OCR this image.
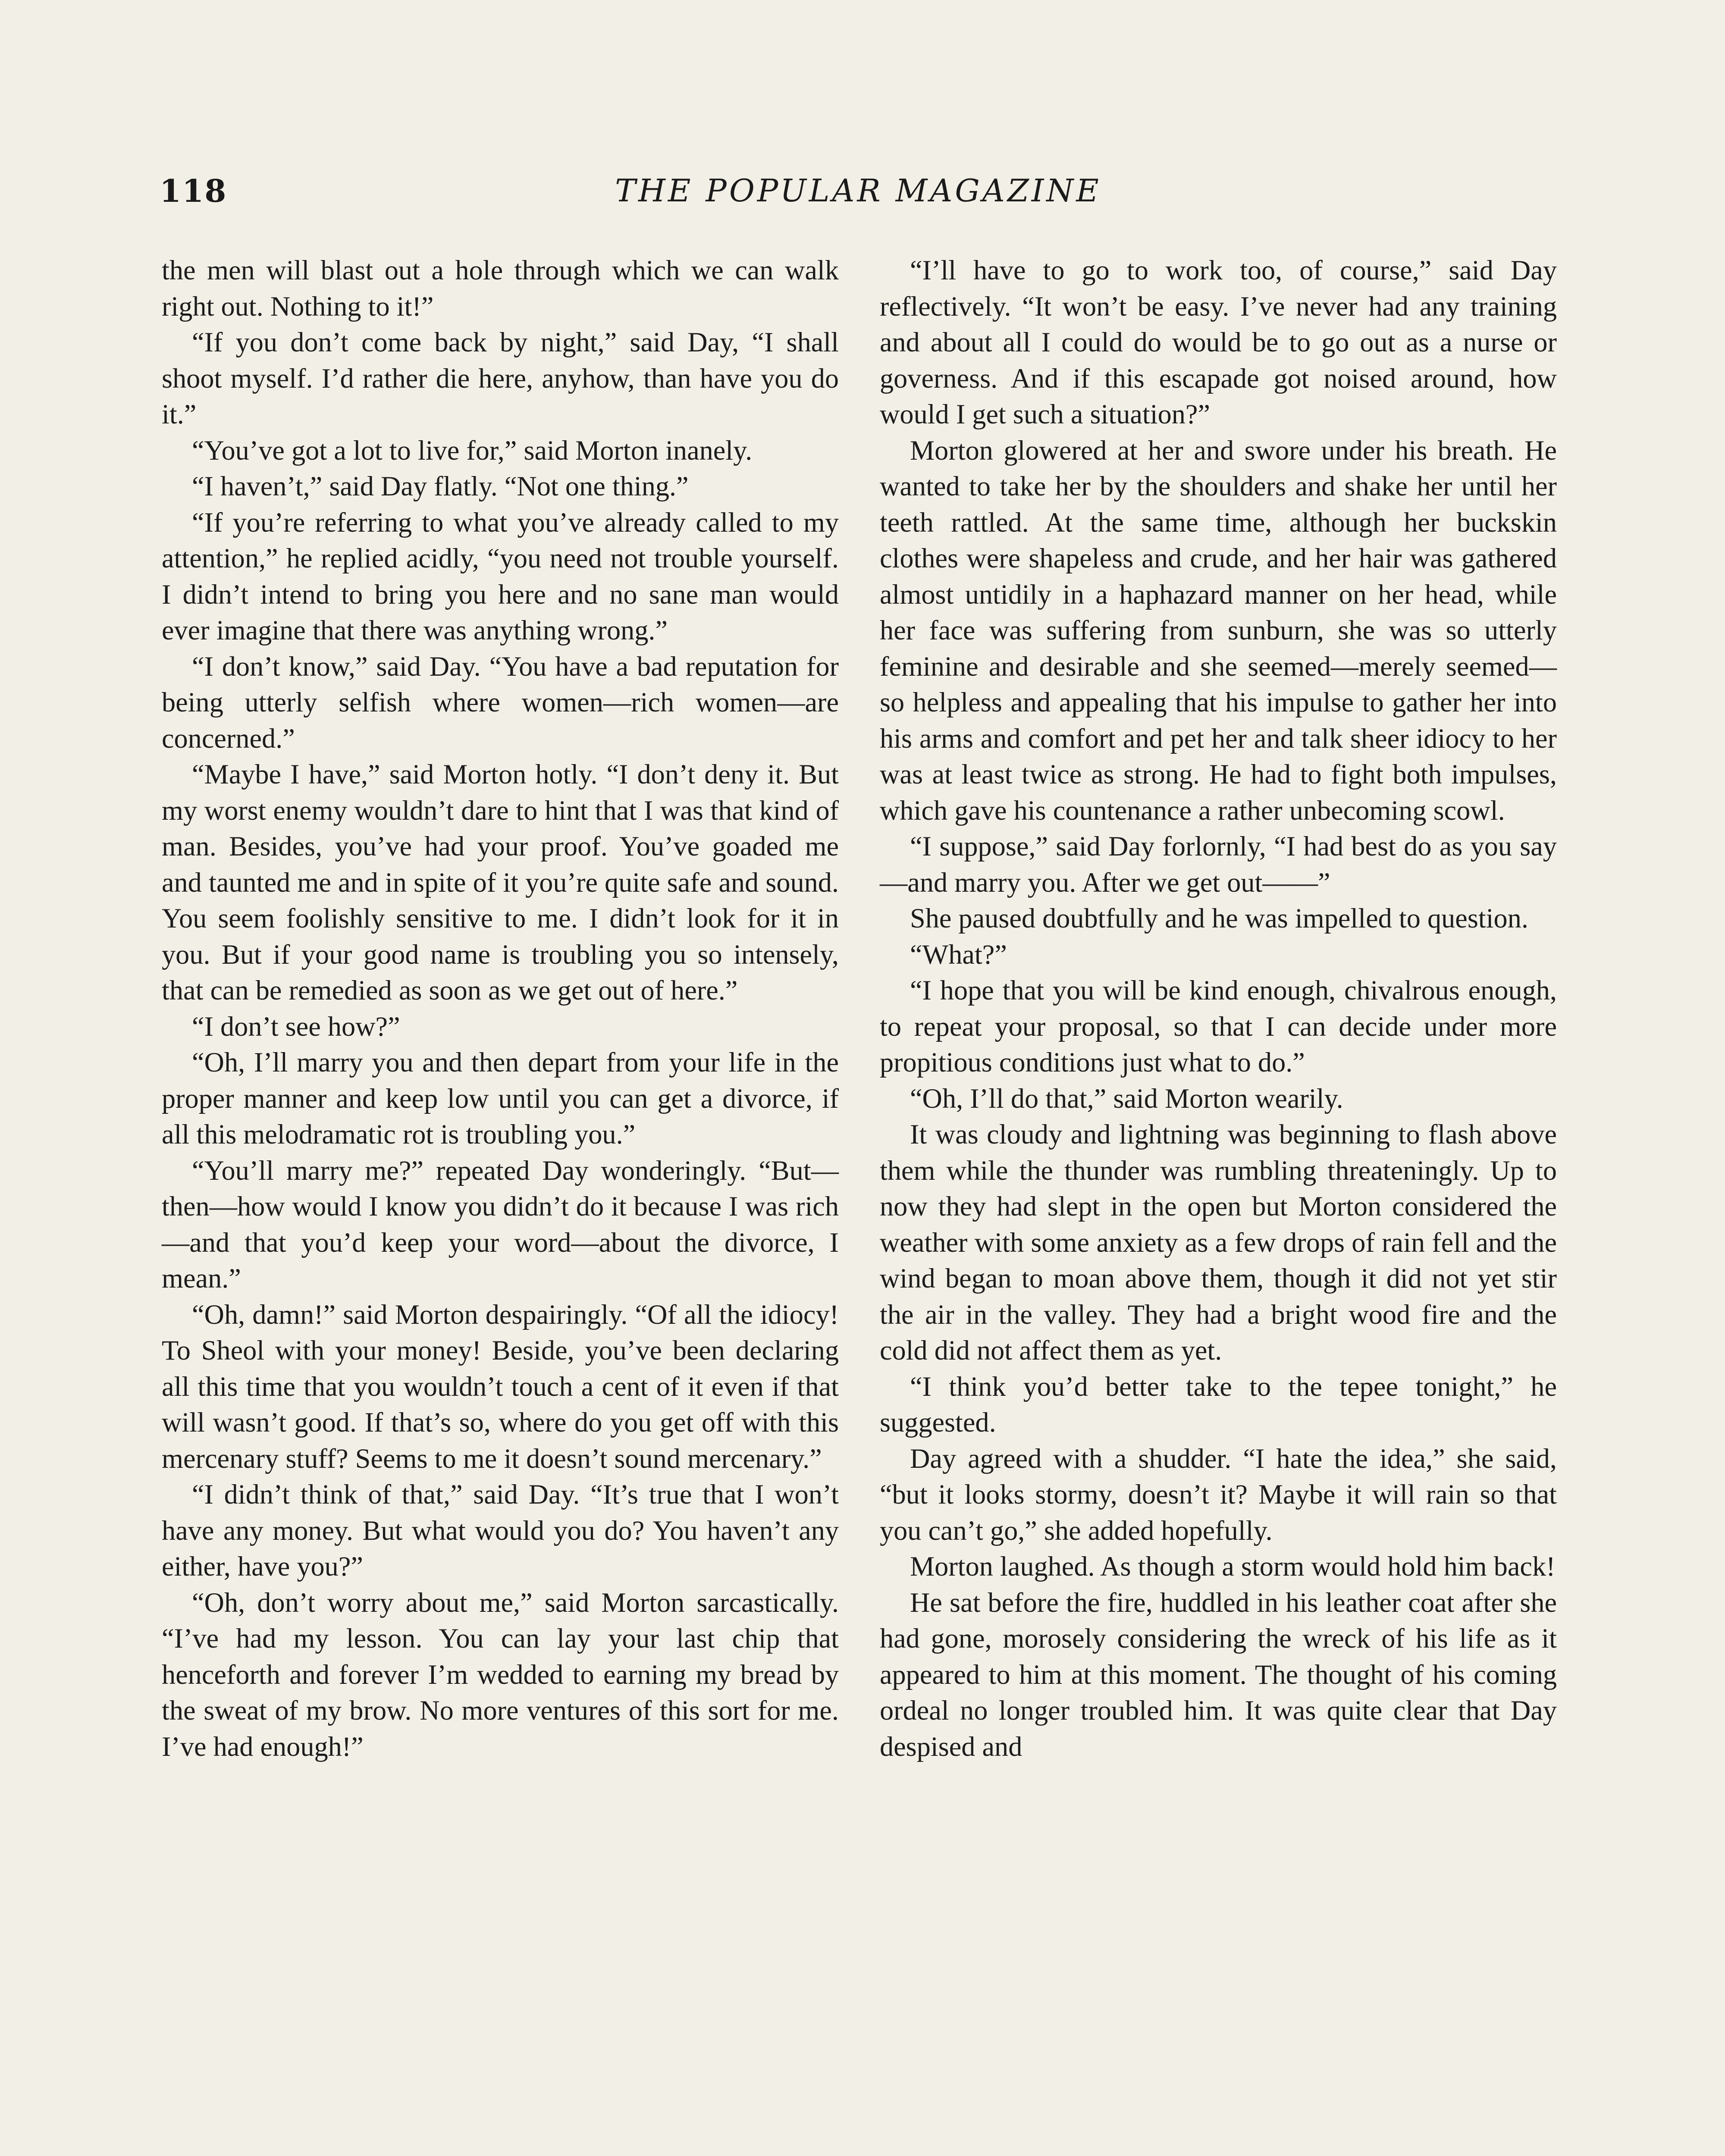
118	THE POPULAR MAGAZINE

the men will blast out a hole through which we can walk right out. Nothing to it!”

“If you don’t come back by night,” said Day, “I shall shoot myself. I’d rather die here, anyhow, than have you do it.”

“You’ve got a lot to live for,” said Morton inanely.

“I haven’t,” said Day flatly. “Not one thing.”

“If you’re referring to what you’ve already called to my attention,” he replied acidly, “you need not trouble yourself. I didn’t intend to bring you here and no sane man would ever imagine that there was anything wrong.”

“I don’t know,” said Day. “You have a bad reputation for being utterly selfish where women—rich women—are concerned.”

“Maybe I have,” said Morton hotly. “I don’t deny it. But my worst enemy wouldn’t dare to hint that I was that kind of man. Besides, you’ve had your proof. You’ve goaded me and taunted me and in spite of it you’re quite safe and sound. You seem foolishly sensitive to me. I didn’t look for it in you. But if your good name is troubling you so intensely, that can be remedied as soon as we get out of here.”

“I don’t see how?”

“Oh, I’ll marry you and then depart from your life in the proper manner and keep low until you can get a divorce, if all this melodramatic rot is troubling you.”

“You’ll marry me?” repeated Day wonderingly. “But—then—how would I know you didn’t do it because I was rich—and that you’d keep your word—about the divorce, I mean.”

“Oh, damn!” said Morton despairingly. “Of all the idiocy! To Sheol with your money! Beside, you’ve been declaring all this time that you wouldn’t touch a cent of it even if that will wasn’t good. If that’s so, where do you get off with this mercenary stuff? Seems to me it doesn’t sound mercenary.”

“I didn’t think of that,” said Day. “It’s true that I won’t have any money. But what would you do? You haven’t any either, have you?”

“Oh, don’t worry about me,” said Morton sarcastically. “I’ve had my lesson. You can lay your last chip that henceforth and forever I’m wedded to earning my bread by the sweat of my brow. No more ventures of this sort for me. I’ve had enough!”

“I’ll have to go to work too, of course,” said Day reflectively. “It won’t be easy. I’ve never had any training and about all I could do would be to go out as a nurse or governess. And if this escapade got noised around, how would I get such a situation?”

Morton glowered at her and swore under his breath. He wanted to take her by the shoulders and shake her until her teeth rattled. At the same time, although her buckskin clothes were shapeless and crude, and her hair was gathered almost untidily in a haphazard manner on her head, while her face was suffering from sunburn, she was so utterly feminine and desirable and she seemed—merely seemed—so helpless and appealing that his impulse to gather her into his arms and comfort and pet her and talk sheer idiocy to her was at least twice as strong. He had to fight both impulses, which gave his countenance a rather unbecoming scowl.

“I suppose,” said Day forlornly, “I had best do as you say—and marry you. After we get out——”

She paused doubtfully and he was impelled to question.

“What?”

“I hope that you will be kind enough, chivalrous enough, to repeat your proposal, so that I can decide under more propitious conditions just what to do.”

“Oh, I’ll do that,” said Morton wearily.

It was cloudy and lightning was beginning to flash above them while the thunder was rumbling threateningly. Up to now they had slept in the open but Morton considered the weather with some anxiety as a few drops of rain fell and the wind began to moan above them, though it did not yet stir the air in the valley. They had a bright wood fire and the cold did not affect them as yet.

“I think you’d better take to the tepee tonight,” he suggested.

Day agreed with a shudder. “I hate the idea,” she said, “but it looks stormy, doesn’t it? Maybe it will rain so that you can’t go,” she added hopefully.

Morton laughed. As though a storm would hold him back!

He sat before the fire, huddled in his leather coat after she had gone, morosely considering the wreck of his life as it appeared to him at this moment. The thought of his coming ordeal no longer troubled him. It was quite clear that Day despised and
